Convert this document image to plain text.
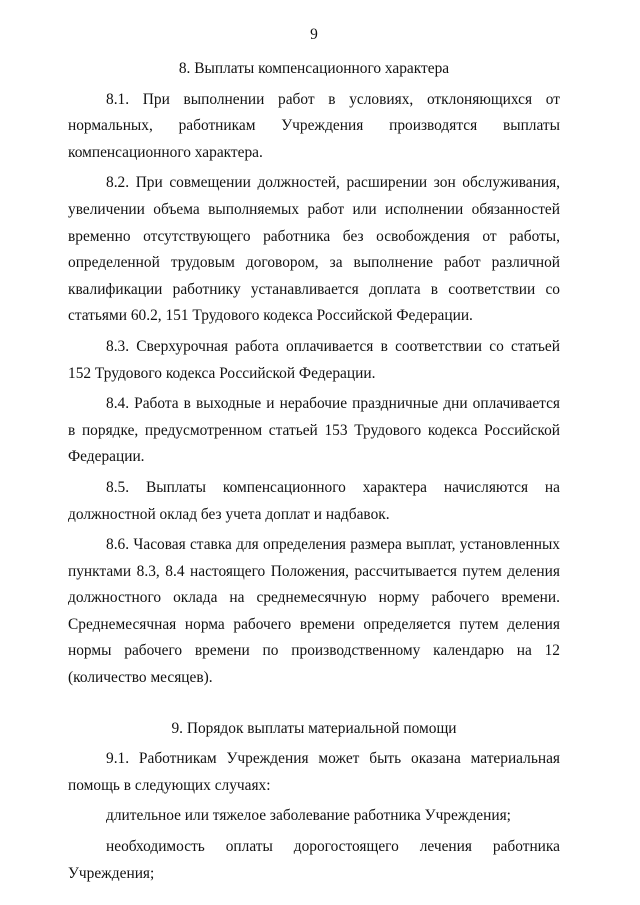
9

8. Выплаты компенсационного характера

8.1. При выполнении работ в условиях, отклоняющихся от нормальных, работникам Учреждения производятся выплаты компенсационного характера.

8.2. При совмещении должностей, расширении зон обслуживания, увеличении объема выполняемых работ или исполнении обязанностей временно отсутствующего работника без освобождения от работы, определенной трудовым договором, за выполнение работ различной квалификации работнику устанавливается доплата в соответствии со статьями 60.2, 151 Трудового кодекса Российской Федерации.

8.3. Сверхурочная работа оплачивается в соответствии со статьей 152 Трудового кодекса Российской Федерации.

8.4. Работа в выходные и нерабочие праздничные дни оплачивается в порядке, предусмотренном статьей 153 Трудового кодекса Российской Федерации.

8.5. Выплаты компенсационного характера начисляются на должностной оклад без учета доплат и надбавок.

8.6. Часовая ставка для определения размера выплат, установленных пунктами 8.3, 8.4 настоящего Положения, рассчитывается путем деления должностного оклада на среднемесячную норму рабочего времени. Среднемесячная норма рабочего времени определяется путем деления нормы рабочего времени по производственному календарю на 12 (количество месяцев).

9. Порядок выплаты материальной помощи

9.1. Работникам Учреждения может быть оказана материальная помощь в следующих случаях:

длительное или тяжелое заболевание работника Учреждения;

необходимость оплаты дорогостоящего лечения работника Учреждения;
